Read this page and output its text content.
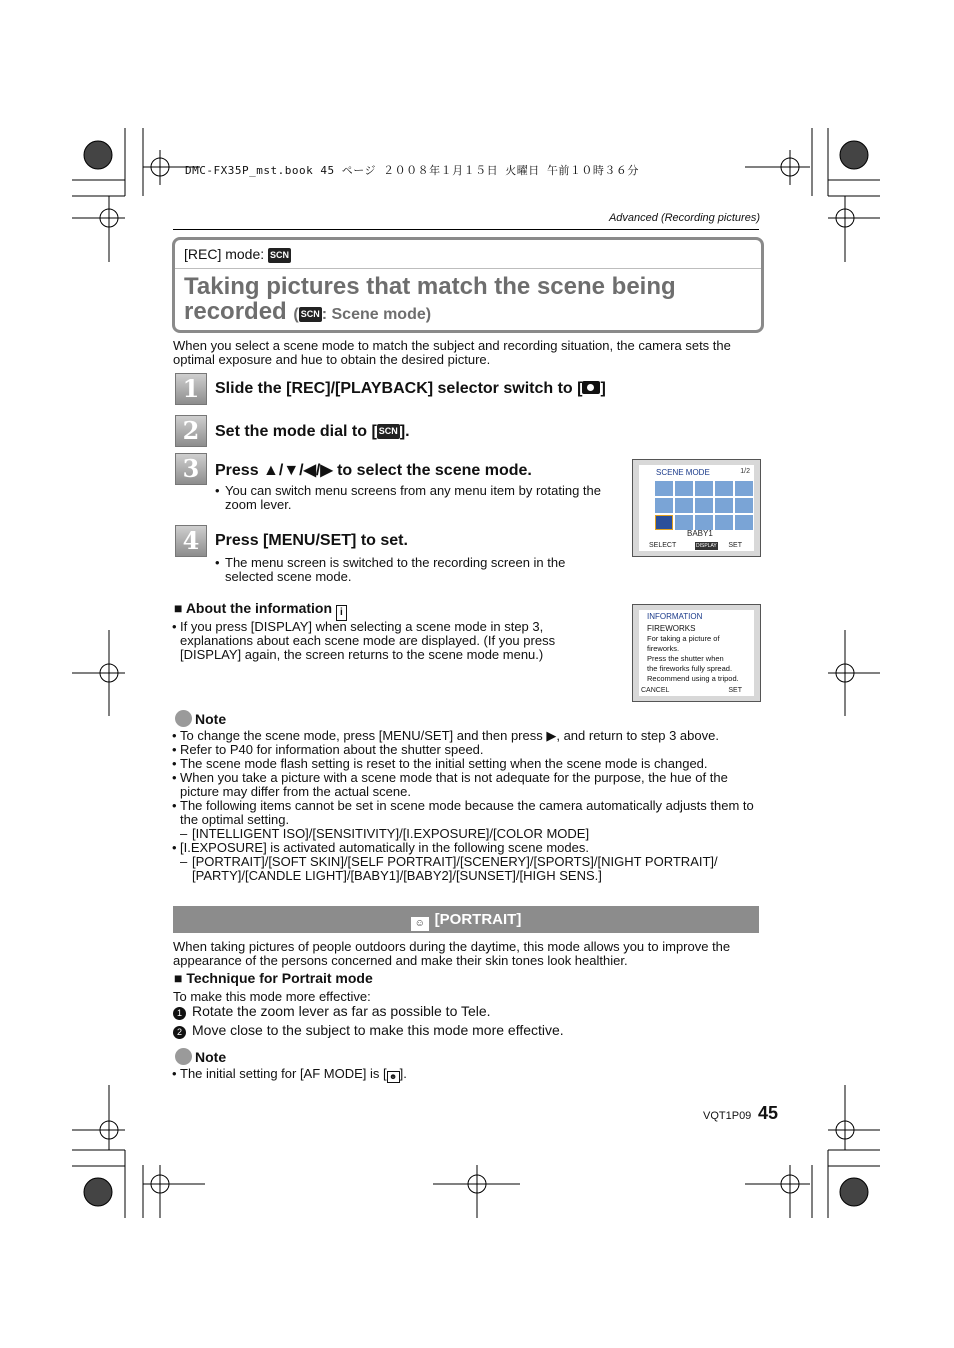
DMC-FX35P_mst.book 45 ページ ２００８年１月１５日 火曜日 午前１０時３６分
Advanced (Recording pictures)
[REC] mode: SCN
Taking pictures that match the scene being
recorded ( SCN : Scene mode)
When you select a scene mode to match the subject and recording situation, the camera sets the optimal exposure and hue to obtain the desired picture.
1 Slide the [REC]/[PLAYBACK] selector switch to [ ]
2 Set the mode dial to [ SCN ].
3 Press ▲/▼/◀/▶ to select the scene mode.
• You can switch menu screens from any menu item by rotating the zoom lever.
4 Press [MENU/SET] to set.
• The menu screen is switched to the recording screen in the selected scene mode.
SCENE MODE	1/2
BABY1
SELECT	DISPLAY SET
■ About the information i
• If you press [DISPLAY] when selecting a scene mode in step 3, explanations about each scene mode are displayed. (If you press [DISPLAY] again, the screen returns to the scene mode menu.)
INFORMATION
FIREWORKS
For taking a picture of
fireworks.
Press the shutter when
the fireworks fully spread.
Recommend using a tripod.
CANCEL	SET
Note
• To change the scene mode, press [MENU/SET] and then press ▶, and return to step 3 above.
• Refer to P40 for information about the shutter speed.
• The scene mode flash setting is reset to the initial setting when the scene mode is changed.
• When you take a picture with a scene mode that is not adequate for the purpose, the hue of the picture may differ from the actual scene.
• The following items cannot be set in scene mode because the camera automatically adjusts them to the optimal setting.
– [INTELLIGENT ISO]/[SENSITIVITY]/[I.EXPOSURE]/[COLOR MODE]
• [I.EXPOSURE] is activated automatically in the following scene modes.
– [PORTRAIT]/[SOFT SKIN]/[SELF PORTRAIT]/[SCENERY]/[SPORTS]/[NIGHT PORTRAIT]/
[PARTY]/[CANDLE LIGHT]/[BABY1]/[BABY2]/[SUNSET]/[HIGH SENS.]
☺ [PORTRAIT]
When taking pictures of people outdoors during the daytime, this mode allows you to improve the appearance of the persons concerned and make their skin tones look healthier.
■ Technique for Portrait mode
To make this mode more effective:
1 Rotate the zoom lever as far as possible to Tele.
2 Move close to the subject to make this mode more effective.
Note
• The initial setting for [AF MODE] is [ ☻ ].
VQT1P09 45
